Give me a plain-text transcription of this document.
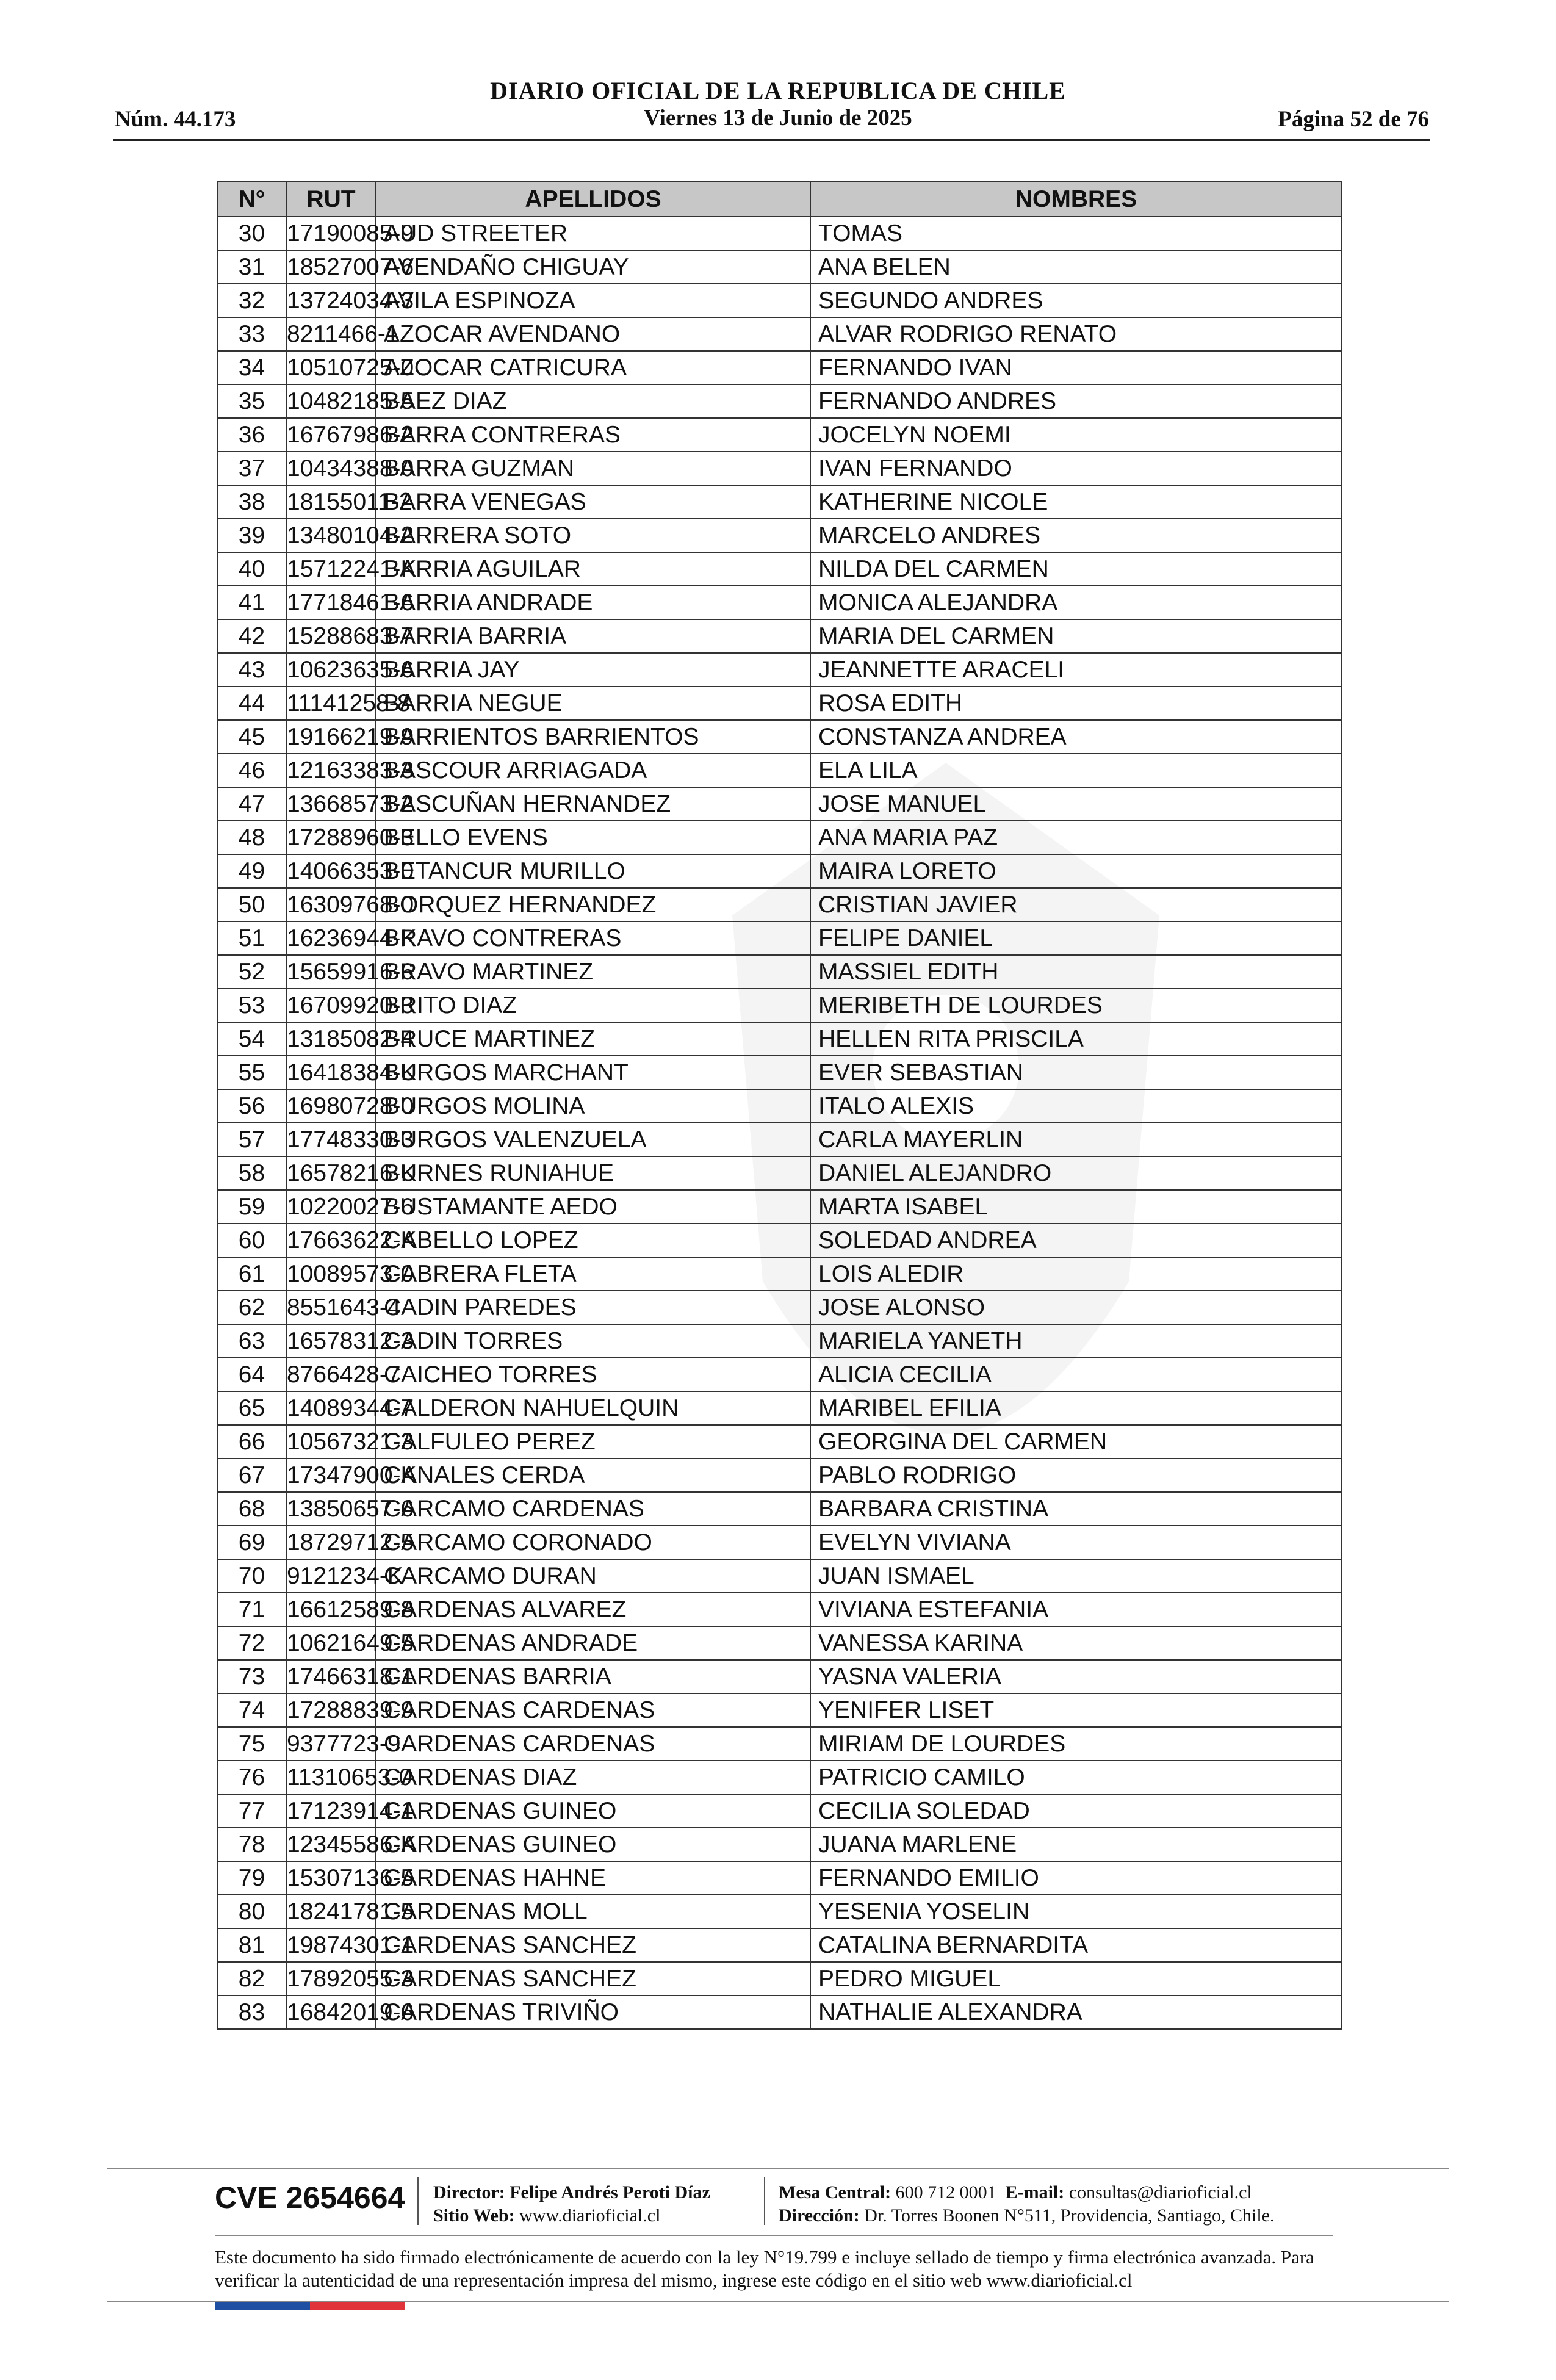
DIARIO OFICIAL DE LA REPUBLICA DE CHILE
Viernes 13 de Junio de 2025
Núm. 44.173	Página 52 de 76
N°	RUT	APELLIDOS	NOMBRES
30	17190085-9	AUD STREETER	TOMAS
31	18527007-6	AVENDAÑO CHIGUAY	ANA BELEN
32	13724034-3	AVILA ESPINOZA	SEGUNDO ANDRES
33	8211466-1	AZOCAR AVENDANO	ALVAR RODRIGO RENATO
34	10510725-0	AZOCAR CATRICURA	FERNANDO IVAN
35	10482185-5	BAEZ DIAZ	FERNANDO ANDRES
36	16767986-2	BARRA CONTRERAS	JOCELYN NOEMI
37	10434388-0	BARRA GUZMAN	IVAN FERNANDO
38	18155011-2	BARRA VENEGAS	KATHERINE NICOLE
39	13480104-2	BARRERA SOTO	MARCELO ANDRES
40	15712241-K	BARRIA AGUILAR	NILDA DEL CARMEN
41	17718461-6	BARRIA ANDRADE	MONICA ALEJANDRA
42	15288683-7	BARRIA BARRIA	MARIA DEL CARMEN
43	10623635-6	BARRIA JAY	JEANNETTE ARACELI
44	11141258-8	BARRIA NEGUE	ROSA EDITH
45	19166219-9	BARRIENTOS BARRIENTOS	CONSTANZA ANDREA
46	12163383-3	BASCOUR ARRIAGADA	ELA LILA
47	13668573-2	BASCUÑAN HERNANDEZ	JOSE MANUEL
48	17288960-3	BELLO EVENS	ANA MARIA PAZ
49	14066353-0	BETANCUR MURILLO	MAIRA LORETO
50	16309768-0	BORQUEZ HERNANDEZ	CRISTIAN JAVIER
51	16236944-K	BRAVO CONTRERAS	FELIPE DANIEL
52	15659916-6	BRAVO MARTINEZ	MASSIEL EDITH
53	16709920-3	BRITO DIAZ	MERIBETH DE LOURDES
54	13185082-4	BRUCE MARTINEZ	HELLEN RITA PRISCILA
55	16418384-K	BURGOS MARCHANT	EVER SEBASTIAN
56	16980728-0	BURGOS MOLINA	ITALO ALEXIS
57	17748330-3	BURGOS VALENZUELA	CARLA MAYERLIN
58	16578216-K	BURNES RUNIAHUE	DANIEL ALEJANDRO
59	10220027-6	BUSTAMANTE AEDO	MARTA ISABEL
60	17663622-K	CABELLO LOPEZ	SOLEDAD ANDREA
61	10089573-0	CABRERA FLETA	LOIS ALEDIR
62	8551643-4	CADIN PAREDES	JOSE ALONSO
63	16578312-3	CADIN TORRES	MARIELA YANETH
64	8766428-7	CAICHEO TORRES	ALICIA CECILIA
65	14089344-7	CALDERON NAHUELQUIN	MARIBEL EFILIA
66	10567321-3	CALFULEO PEREZ	GEORGINA DEL CARMEN
67	17347900-K	CANALES CERDA	PABLO RODRIGO
68	13850657-6	CARCAMO CARDENAS	BARBARA CRISTINA
69	18729712-5	CARCAMO CORONADO	EVELYN VIVIANA
70	9121234-K	CARCAMO DURAN	JUAN ISMAEL
71	16612589-8	CARDENAS ALVAREZ	VIVIANA ESTEFANIA
72	10621649-5	CARDENAS ANDRADE	VANESSA KARINA
73	17466318-1	CARDENAS BARRIA	YASNA VALERIA
74	17288839-9	CARDENAS CARDENAS	YENIFER LISET
75	9377723-9	CARDENAS CARDENAS	MIRIAM DE LOURDES
76	11310653-0	CARDENAS DIAZ	PATRICIO CAMILO
77	17123914-1	CARDENAS GUINEO	CECILIA SOLEDAD
78	12345586-K	CARDENAS GUINEO	JUANA MARLENE
79	15307136-5	CARDENAS HAHNE	FERNANDO EMILIO
80	18241781-5	CARDENAS MOLL	YESENIA YOSELIN
81	19874301-1	CARDENAS SANCHEZ	CATALINA BERNARDITA
82	17892055-3	CARDENAS SANCHEZ	PEDRO MIGUEL
83	16842019-6	CARDENAS TRIVIÑO	NATHALIE ALEXANDRA
CVE 2654664 Director: Felipe Andrés Peroti Díaz
Sitio Web: www.diarioficial.cl
Mesa Central: 600 712 0001 E-mail: consultas@diarioficial.cl
Dirección: Dr. Torres Boonen N°511, Providencia, Santiago, Chile.
Este documento ha sido firmado electrónicamente de acuerdo con la ley N°19.799 e incluye sellado de tiempo y firma electrónica avanzada. Para verificar la autenticidad de una representación impresa del mismo, ingrese este código en el sitio web www.diarioficial.cl
